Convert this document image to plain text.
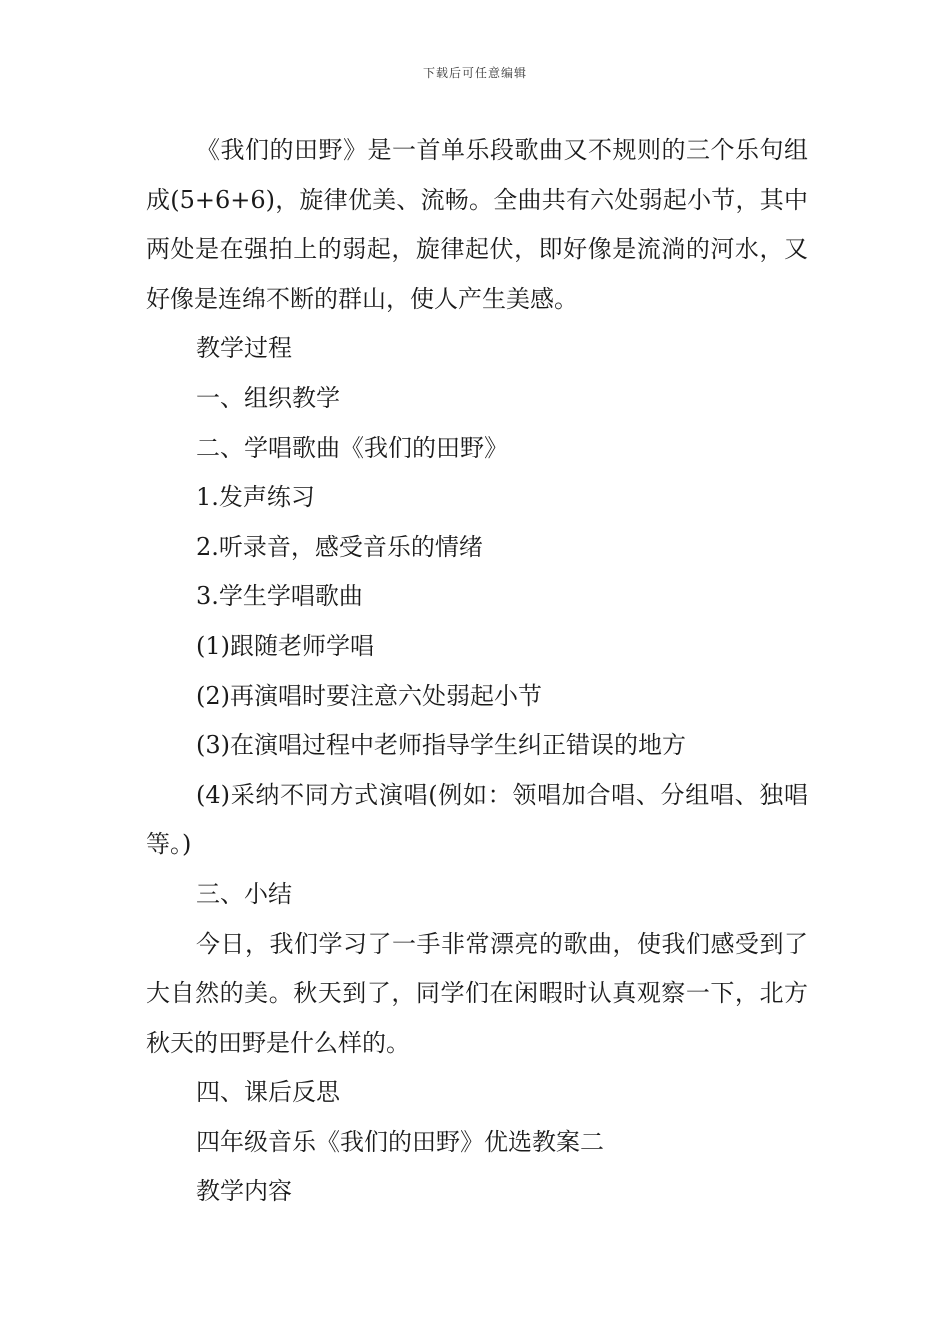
下载后可任意编辑

《我们的田野》是一首单乐段歌曲又不规则的三个乐句组成(5+6+6)，旋律优美、流畅。全曲共有六处弱起小节，其中两处是在强拍上的弱起，旋律起伏，即好像是流淌的河水，又好像是连绵不断的群山，使人产生美感。

教学过程

一、组织教学

二、学唱歌曲《我们的田野》

1.发声练习

2.听录音，感受音乐的情绪

3.学生学唱歌曲

(1)跟随老师学唱

(2)再演唱时要注意六处弱起小节

(3)在演唱过程中老师指导学生纠正错误的地方

(4)采纳不同方式演唱(例如：领唱加合唱、分组唱、独唱等。)

三、小结

今日，我们学习了一手非常漂亮的歌曲，使我们感受到了大自然的美。秋天到了，同学们在闲暇时认真观察一下，北方秋天的田野是什么样的。

四、课后反思

四年级音乐《我们的田野》优选教案二

教学内容
